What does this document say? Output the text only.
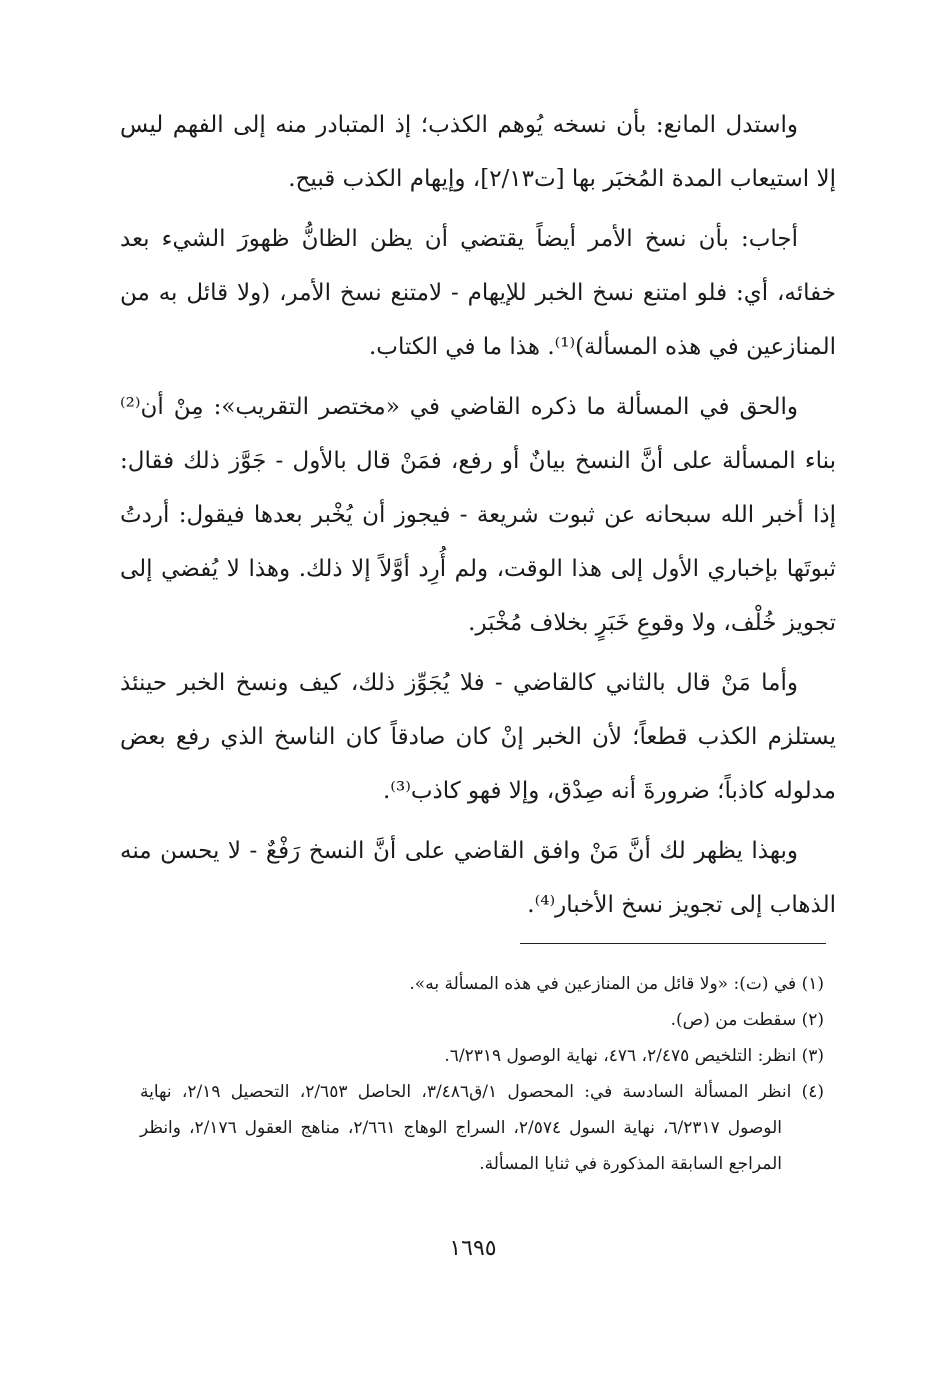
واستدل المانع: بأن نسخه يُوهم الكذب؛ إذ المتبادر منه إلى الفهم ليس إلا استيعاب المدة المُخبَر بها [ت٢/١٣]، وإيهام الكذب قبيح.

أجاب: بأن نسخ الأمر أيضاً يقتضي أن يظن الظانُّ ظهورَ الشيء بعد خفائه، أي: فلو امتنع نسخ الخبر للإيهام - لامتنع نسخ الأمر، (ولا قائل به من المنازعين في هذه المسألة)⁽¹⁾. هذا ما في الكتاب.

والحق في المسألة ما ذكره القاضي في «مختصر التقريب»: مِنْ أن⁽²⁾ بناء المسألة على أنَّ النسخ بيانٌ أو رفع، فمَنْ قال بالأول - جَوَّز ذلك فقال: إذا أخبر الله سبحانه عن ثبوت شريعة - فيجوز أن يُخْبر بعدها فيقول: أردتُ ثبوتَها بإخباري الأول إلى هذا الوقت، ولم أُرِد أوَّلاً إلا ذلك. وهذا لا يُفضي إلى تجويز خُلْف، ولا وقوعِ خَبَرٍ بخلاف مُخْبَر.

وأما مَنْ قال بالثاني كالقاضي - فلا يُجَوِّز ذلك، كيف ونسخ الخبر حينئذ يستلزم الكذب قطعاً؛ لأن الخبر إنْ كان صادقاً كان الناسخ الذي رفع بعض مدلوله كاذباً؛ ضرورةَ أنه صِدْق، وإلا فهو كاذب⁽³⁾.

وبهذا يظهر لك أنَّ مَنْ وافق القاضي على أنَّ النسخ رَفْعٌ - لا يحسن منه الذهاب إلى تجويز نسخ الأخبار⁽⁴⁾.

(١) في (ت): «ولا قائل من المنازعين في هذه المسألة به».

(٢) سقطت من (ص).

(٣) انظر: التلخيص ٢/٤٧٥، ٤٧٦، نهاية الوصول ٦/٢٣١٩.

(٤) انظر المسألة السادسة في: المحصول ١/ق٣/٤٨٦، الحاصل ٢/٦٥٣، التحصيل ٢/١٩، نهاية الوصول ٦/٢٣١٧، نهاية السول ٢/٥٧٤، السراج الوهاج ٢/٦٦١، مناهج العقول ٢/١٧٦، وانظر المراجع السابقة المذكورة في ثنايا المسألة.

١٦٩٥
